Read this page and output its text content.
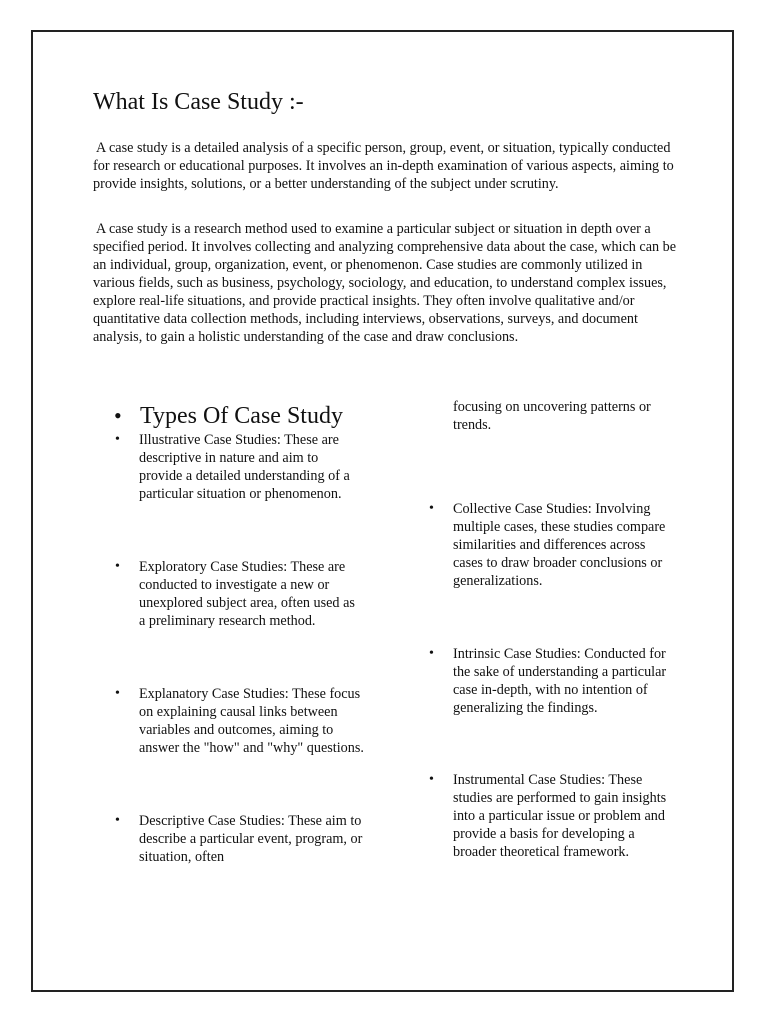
What Is Case Study :-

A case study is a detailed analysis of a specific person, group, event, or situation, typically conducted for research or educational purposes. It involves an in-depth examination of various aspects, aiming to provide insights, solutions, or a better understanding of the subject under scrutiny.

A case study is a research method used to examine a particular subject or situation in depth over a specified period. It involves collecting and analyzing comprehensive data about the case, which can be an individual, group, organization, event, or phenomenon. Case studies are commonly utilized in various fields, such as business, psychology, sociology, and education, to understand complex issues, explore real-life situations, and provide practical insights. They often involve qualitative and/or quantitative data collection methods, including interviews, observations, surveys, and document analysis, to gain a holistic understanding of the case and draw conclusions.

• Types Of Case Study
• Illustrative Case Studies: These are descriptive in nature and aim to provide a detailed understanding of a particular situation or phenomenon.
• Exploratory Case Studies: These are conducted to investigate a new or unexplored subject area, often used as a preliminary research method.
• Explanatory Case Studies: These focus on explaining causal links between variables and outcomes, aiming to answer the "how" and "why" questions.
• Descriptive Case Studies: These aim to describe a particular event, program, or situation, often
focusing on uncovering patterns or trends.
• Collective Case Studies: Involving multiple cases, these studies compare similarities and differences across cases to draw broader conclusions or generalizations.
• Intrinsic Case Studies: Conducted for the sake of understanding a particular case in-depth, with no intention of generalizing the findings.
• Instrumental Case Studies: These studies are performed to gain insights into a particular issue or problem and provide a basis for developing a broader theoretical framework.
